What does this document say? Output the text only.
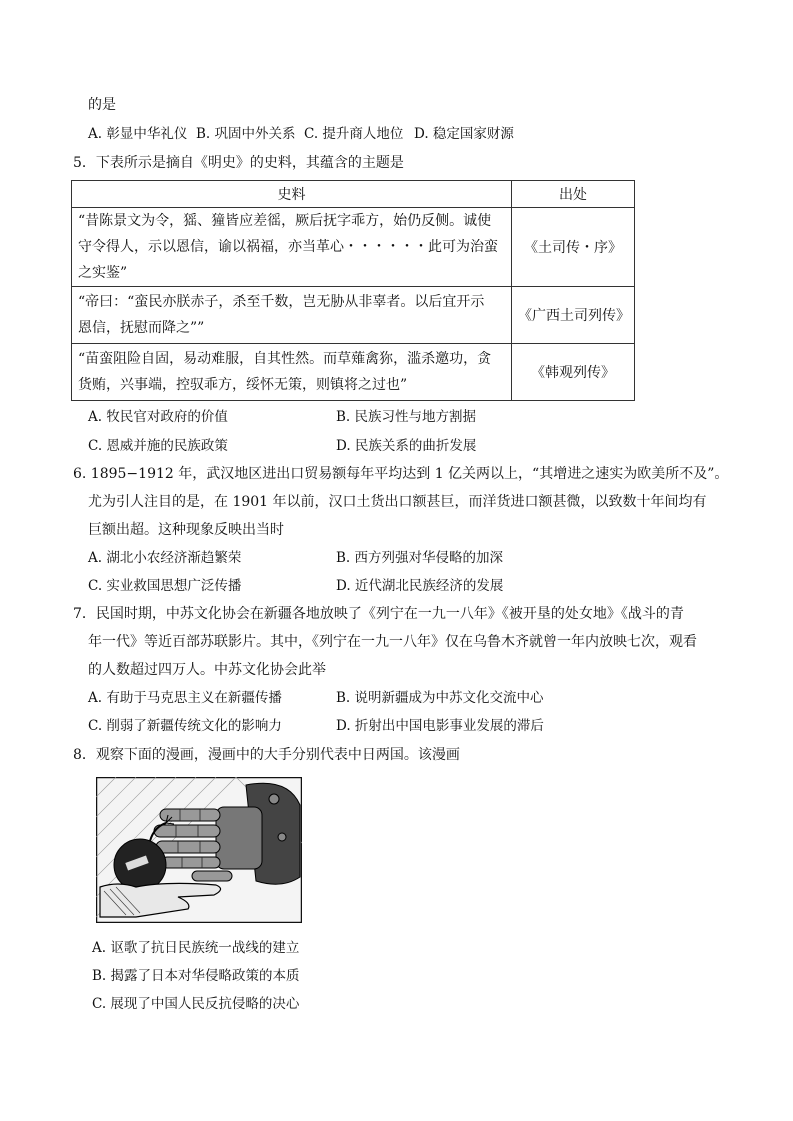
的是
A. 彰显中华礼仪 B. 巩固中外关系 C. 提升商人地位 D. 稳定国家财源
5．下表所示是摘自《明史》的史料，其蕴含的主题是
史料	出处

“昔陈景文为令，猺、獞皆应差徭，厥后抚字乖方，始仍反侧。诚使
守令得人，示以恩信，谕以祸福，亦当革心・・・・・・此可为治蛮
之实鉴”	《土司传・序》

“帝曰：“蛮民亦朕赤子，杀至千数，岂无胁从非辜者。以后宜开示
恩信，抚慰而降之””	《广西土司列传》

“苗蛮阻险自固，易动难服，自其性然。而草薙禽狝，滥杀邀功，贪
货贿，兴事端，控驭乖方，绥怀无策，则镇将之过也”	《韩观列传》
A. 牧民官对政府的价值	B. 民族习性与地方割据
C. 恩威并施的民族政策	D. 民族关系的曲折发展
6. 1895−1912 年，武汉地区进出口贸易额每年平均达到 1 亿关两以上，“其增进之速实为欧美所不及”。
尤为引人注目的是，在 1901 年以前，汉口土货出口额甚巨，而洋货进口额甚微，以致数十年间均有
巨额出超。这种现象反映出当时
A. 湖北小农经济渐趋繁荣	B. 西方列强对华侵略的加深
C. 实业救国思想广泛传播	D. 近代湖北民族经济的发展
7．民国时期，中苏文化协会在新疆各地放映了《列宁在一九一八年》《被开垦的处女地》《战斗的青
年一代》等近百部苏联影片。其中，《列宁在一九一八年》仅在乌鲁木齐就曾一年内放映七次，观看
的人数超过四万人。中苏文化协会此举
A. 有助于马克思主义在新疆传播	B. 说明新疆成为中苏文化交流中心
C. 削弱了新疆传统文化的影响力	D. 折射出中国电影事业发展的滞后
8．观察下面的漫画，漫画中的大手分别代表中日两国。该漫画
A. 讴歌了抗日民族统一战线的建立
B. 揭露了日本对华侵略政策的本质
C. 展现了中国人民反抗侵略的决心
